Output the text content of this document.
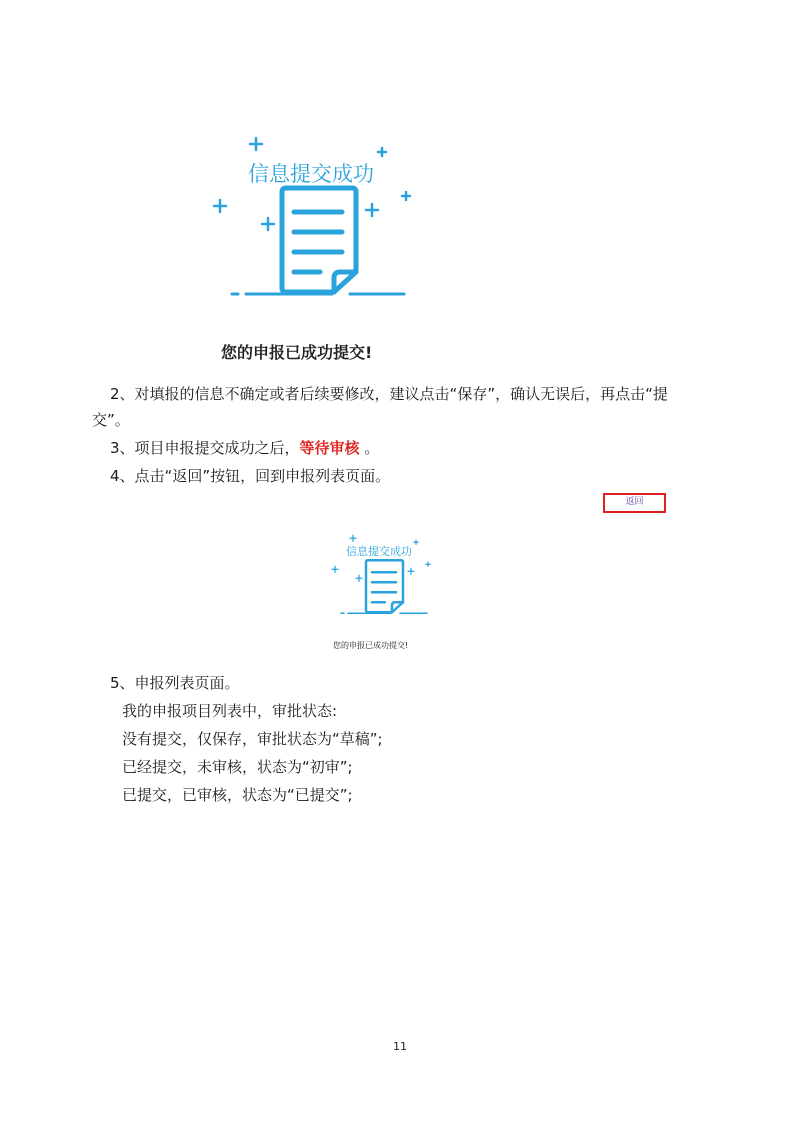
信息提交成功
您的申报已成功提交!
2、对填报的信息不确定或者后续要修改，建议点击“保存”，确认无误后，再点击“提
交”。
3、项目申报提交成功之后，等待审核 。
4、点击“返回”按钮，回到申报列表页面。
返回
信息提交成功
您的申报已成功提交!
5、申报列表页面。
我的申报项目列表中，审批状态:
没有提交，仅保存，审批状态为“草稿”;
已经提交，未审核，状态为“初审”;
已提交，已审核，状态为“已提交”;
11
